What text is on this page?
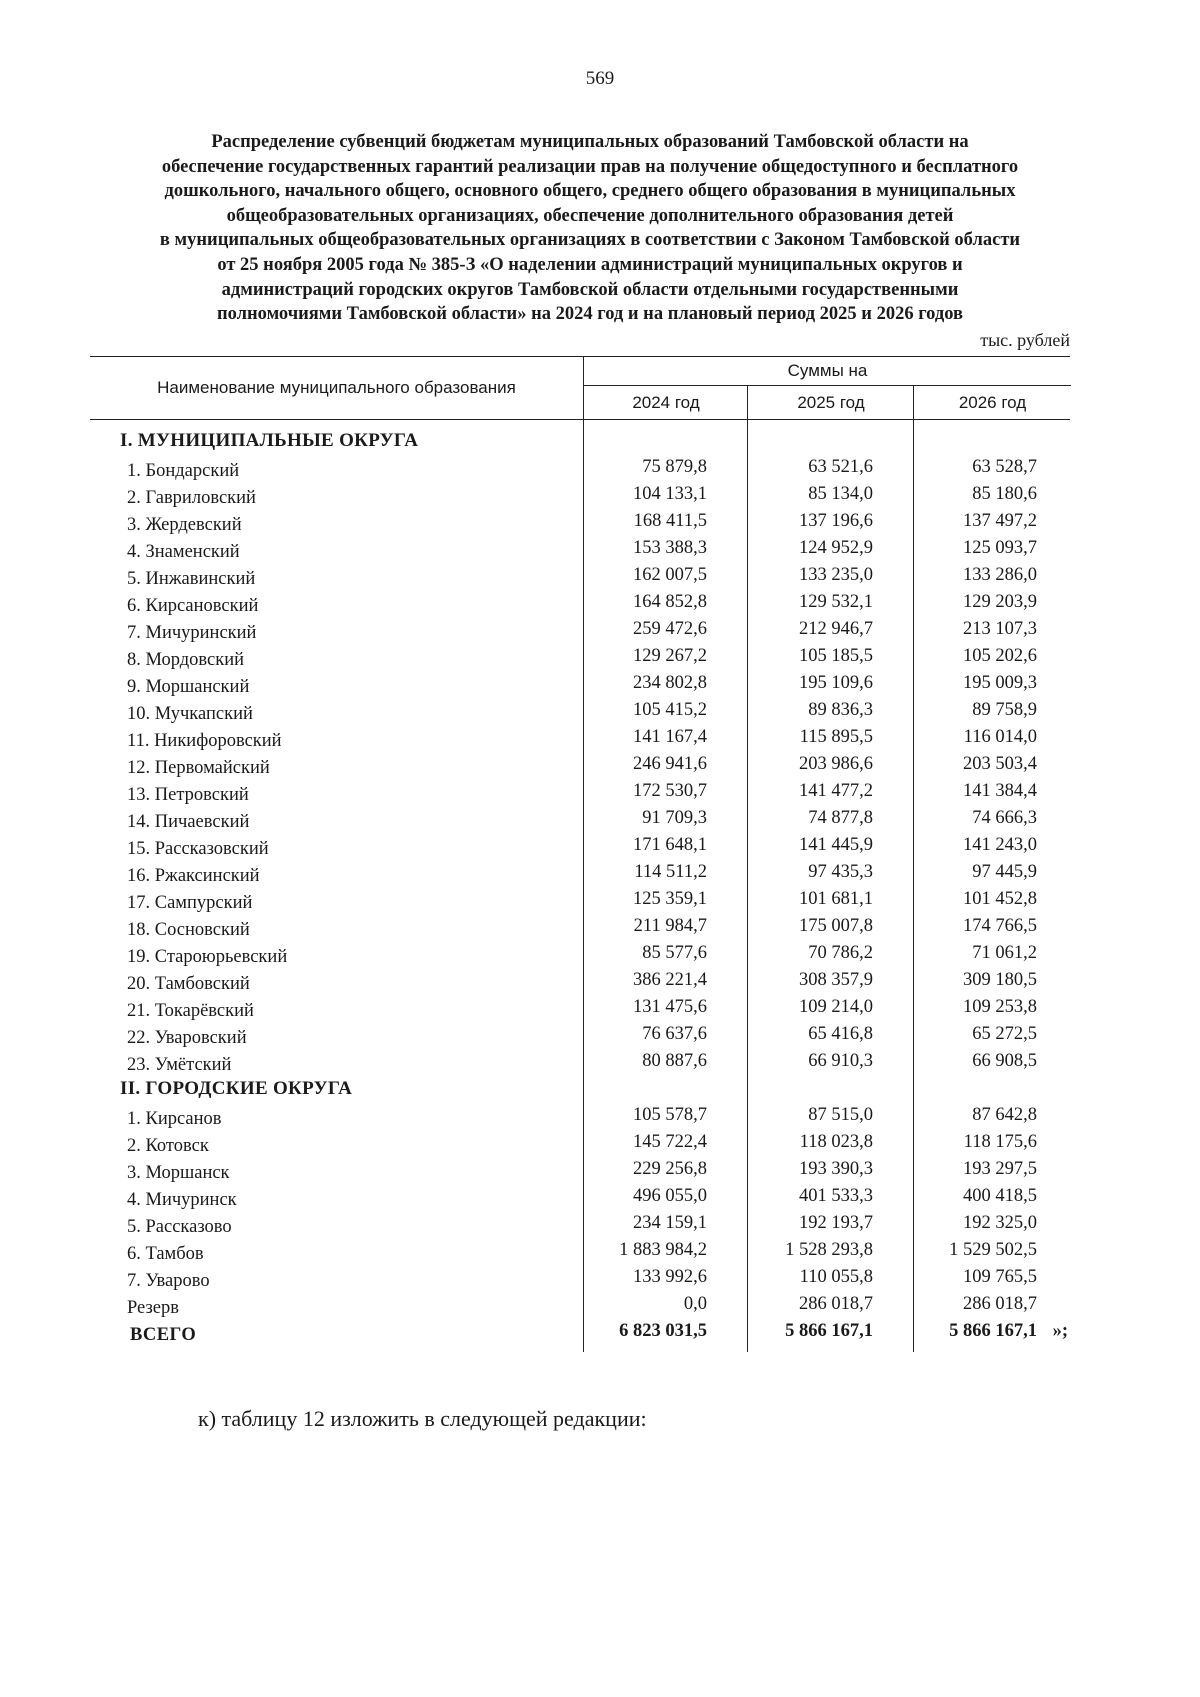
569
Распределение субвенций бюджетам муниципальных образований Тамбовской области на
обеспечение государственных гарантий реализации прав на получение общедоступного и бесплатного
дошкольного, начального общего, основного общего, среднего общего образования в муниципальных
общеобразовательных организациях, обеспечение дополнительного образования детей
в муниципальных общеобразовательных организациях в соответствии с Законом Тамбовской области
от 25 ноября 2005 года № 385-З «О наделении администраций муниципальных округов и
администраций городских округов Тамбовской области отдельными государственными
полномочиями Тамбовской области» на 2024 год и на плановый период 2025 и 2026 годов
тыс. рублей
Наименование муниципального образования
Суммы на
2024 год	2025 год	2026 год
I. МУНИЦИПАЛЬНЫЕ ОКРУГА
1. Бондарский	75 879,8	63 521,6	63 528,7
2. Гавриловский	104 133,1	85 134,0	85 180,6
3. Жердевский	168 411,5	137 196,6	137 497,2
4. Знаменский	153 388,3	124 952,9	125 093,7
5. Инжавинский	162 007,5	133 235,0	133 286,0
6. Кирсановский	164 852,8	129 532,1	129 203,9
7. Мичуринский	259 472,6	212 946,7	213 107,3
8. Мордовский	129 267,2	105 185,5	105 202,6
9. Моршанский	234 802,8	195 109,6	195 009,3
10. Мучкапский	105 415,2	89 836,3	89 758,9
11. Никифоровский	141 167,4	115 895,5	116 014,0
12. Первомайский	246 941,6	203 986,6	203 503,4
13. Петровский	172 530,7	141 477,2	141 384,4
14. Пичаевский	91 709,3	74 877,8	74 666,3
15. Рассказовский	171 648,1	141 445,9	141 243,0
16. Ржаксинский	114 511,2	97 435,3	97 445,9
17. Сампурский	125 359,1	101 681,1	101 452,8
18. Сосновский	211 984,7	175 007,8	174 766,5
19. Староюрьевский	85 577,6	70 786,2	71 061,2
20. Тамбовский	386 221,4	308 357,9	309 180,5
21. Токарёвский	131 475,6	109 214,0	109 253,8
22. Уваровский	76 637,6	65 416,8	65 272,5
23. Умётский	80 887,6	66 910,3	66 908,5
II. ГОРОДСКИЕ ОКРУГА
1. Кирсанов	105 578,7	87 515,0	87 642,8
2. Котовск	145 722,4	118 023,8	118 175,6
3. Моршанск	229 256,8	193 390,3	193 297,5
4. Мичуринск	496 055,0	401 533,3	400 418,5
5. Рассказово	234 159,1	192 193,7	192 325,0
6. Тамбов	1 883 984,2	1 528 293,8	1 529 502,5
7. Уварово	133 992,6	110 055,8	109 765,5
Резерв	0,0	286 018,7	286 018,7
ВСЕГО	6 823 031,5	5 866 167,1	5 866 167,1 »;
к) таблицу 12 изложить в следующей редакции:
